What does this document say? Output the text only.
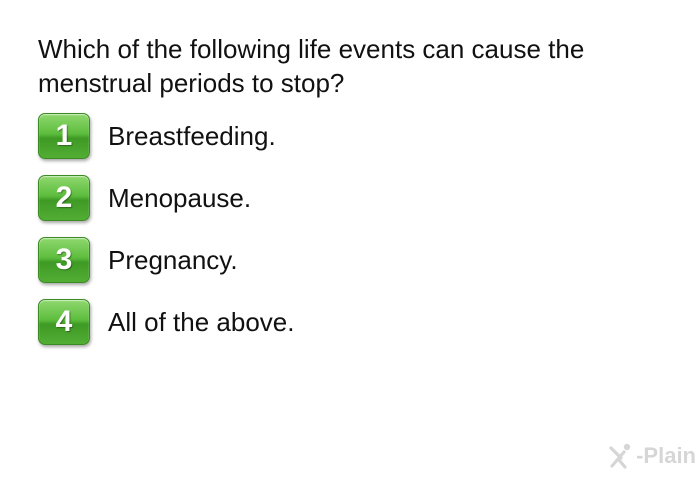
Which of the following life events can cause the menstrual periods to stop?
1	Breastfeeding.
2	Menopause.
3	Pregnancy.
4	All of the above.
-Plain
